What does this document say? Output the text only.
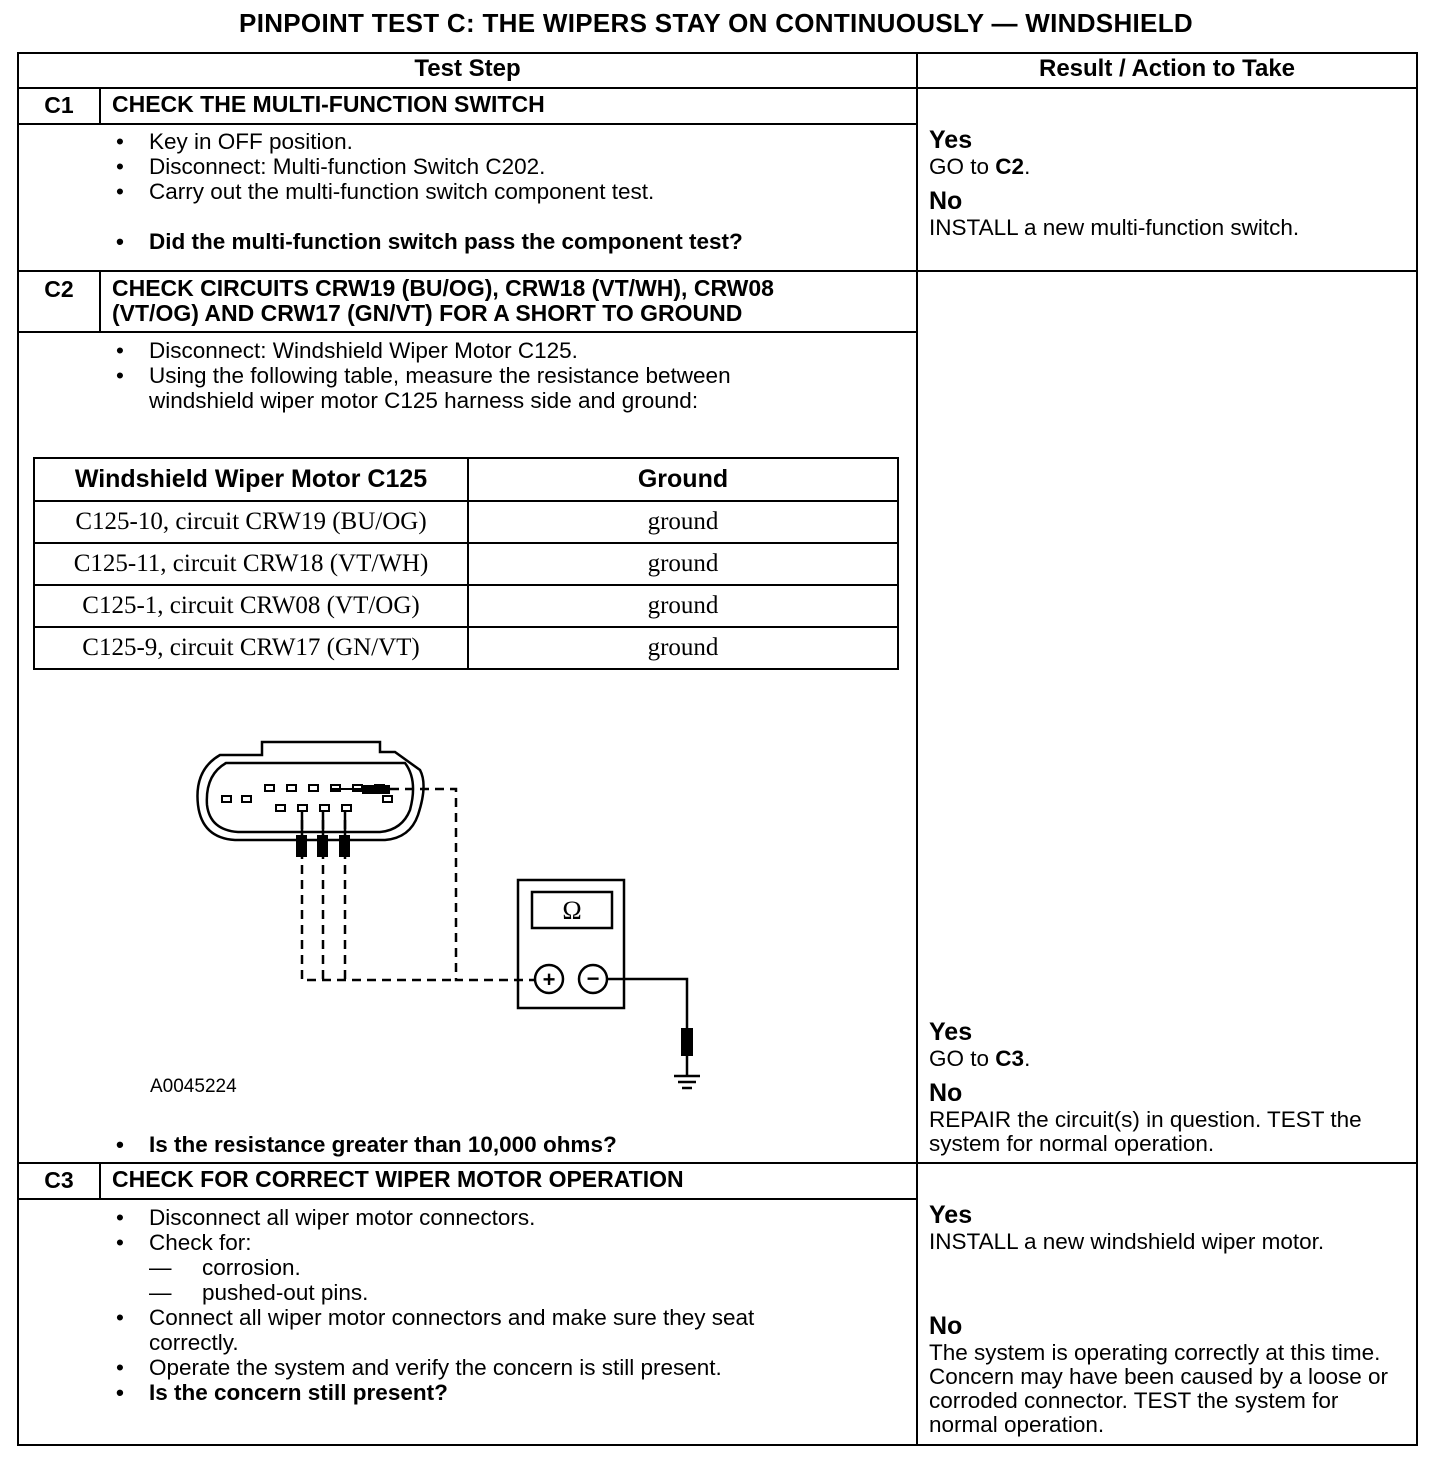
PINPOINT TEST C: THE WIPERS STAY ON CONTINUOUSLY — WINDSHIELD
Test Step	Result / Action to Take
C1	CHECK THE MULTI-FUNCTION SWITCH
• Key in OFF position.
• Disconnect: Multi-function Switch C202.
• Carry out the multi-function switch component test.
• Did the multi-function switch pass the component test?
Yes
GO to C2.
No
INSTALL a new multi-function switch.
C2	CHECK CIRCUITS CRW19 (BU/OG), CRW18 (VT/WH), CRW08
(VT/OG) AND CRW17 (GN/VT) FOR A SHORT TO GROUND
• Disconnect: Windshield Wiper Motor C125.
• Using the following table, measure the resistance between windshield wiper motor C125 harness side and ground:
Windshield Wiper Motor C125	Ground
C125-10, circuit CRW19 (BU/OG)	ground
C125-11, circuit CRW18 (VT/WH)	ground
C125-1, circuit CRW08 (VT/OG)	ground
C125-9, circuit CRW17 (GN/VT)	ground
Ω
+ −
A0045224
• Is the resistance greater than 10,000 ohms?
Yes
GO to C3.
No
REPAIR the circuit(s) in question. TEST the system for normal operation.
C3	CHECK FOR CORRECT WIPER MOTOR OPERATION
• Disconnect all wiper motor connectors.
• Check for:
— corrosion.
— pushed-out pins.
• Connect all wiper motor connectors and make sure they seat correctly.
• Operate the system and verify the concern is still present.
• Is the concern still present?
Yes
INSTALL a new windshield wiper motor.
No
The system is operating correctly at this time. Concern may have been caused by a loose or corroded connector. TEST the system for normal operation.
